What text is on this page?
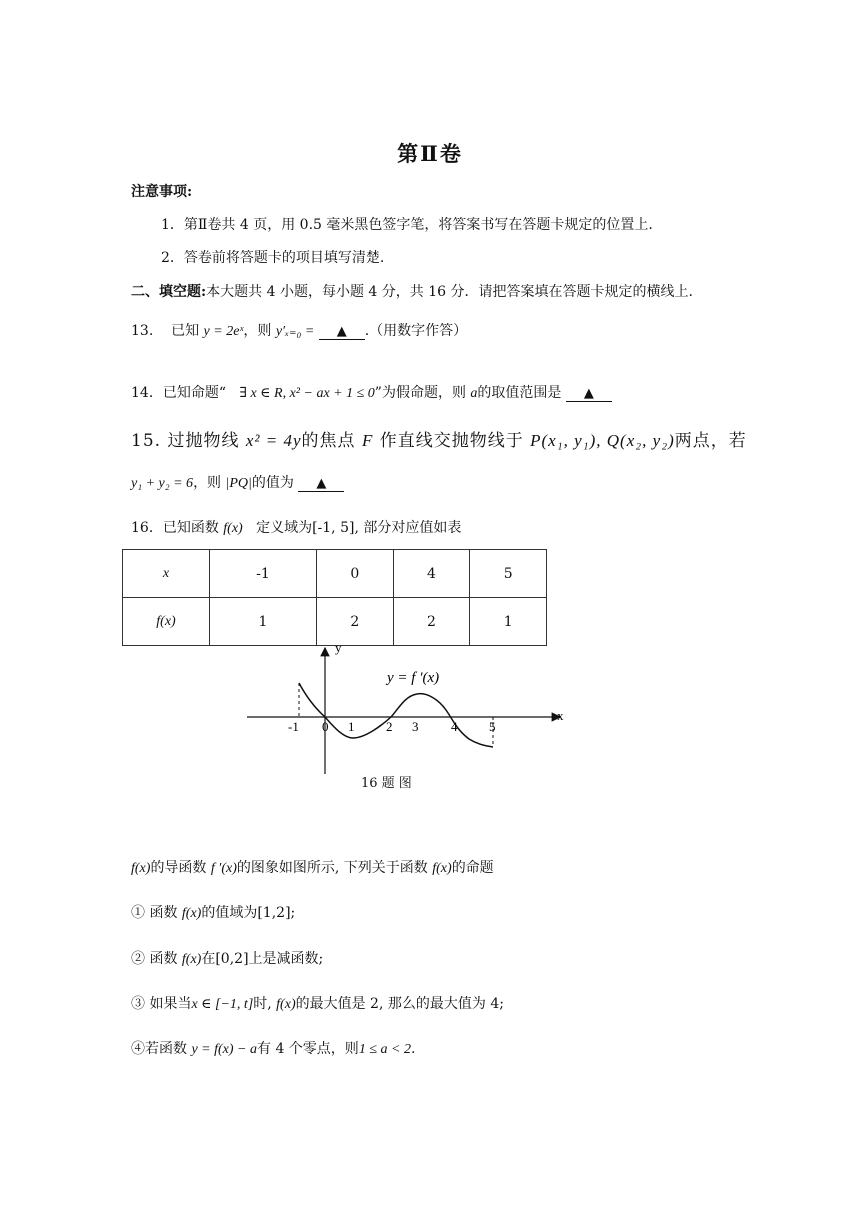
第Ⅱ卷
注意事项:
1．第Ⅱ卷共 4 页，用 0.5 毫米黑色签字笔，将答案书写在答题卡规定的位置上.
2．答卷前将答题卡的项目填写清楚.
二、填空题:本大题共 4 小题，每小题 4 分，共 16 分．请把答案填在答题卡规定的横线上.
13. 已知 y = 2eˣ，则 y′ₓ₌₀ = ▲ .（用数字作答）
14．已知命题“ ∃ x ∈ R, x² − ax + 1 ≤ 0”为假命题，则 a的取值范围是 ▲
15. 过抛物线 x² = 4y的焦点 F 作直线交抛物线于 P(x₁, y₁), Q(x₂, y₂)两点，若
y₁ + y₂ = 6，则 |PQ|的值为 ▲
16．已知函数 f(x) 定义域为[-1, 5], 部分对应值如表
x	-1	0	4	5
f(x)	1	2	2	1
y
x
-1 0 1 2 3	4 5
y = f ′(x)
16 题 图
f(x)的导函数 f ′(x)的图象如图所示, 下列关于函数 f(x)的命题
① 函数 f(x)的值域为[1,2];
② 函数 f(x)在[0,2]上是减函数;
③ 如果当x ∈ [−1, t]时, f(x)的最大值是 2, 那么的最大值为 4;
④若函数 y = f(x) − a有 4 个零点，则1 ≤ a < 2.
